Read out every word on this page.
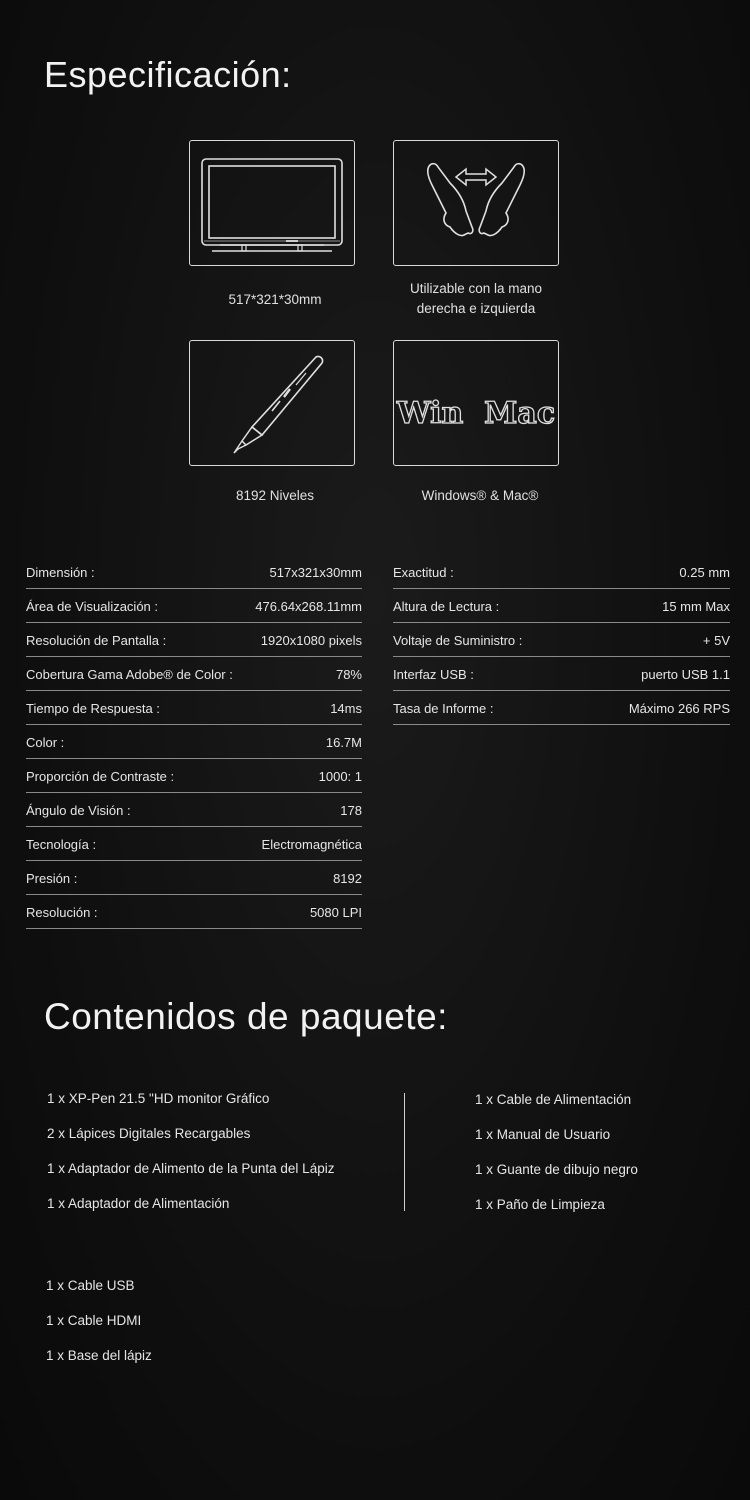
Especificación:
517*321*30mm
Utilizable con la mano
derecha e izquierda
8192 Niveles
Win  Mac
Windows® & Mac®
Dimensión :	517x321x30mm
Área de Visualización :	476.64x268.11mm
Resolución de Pantalla :	1920x1080 pixels
Cobertura Gama Adobe® de Color :	78%
Tiempo de Respuesta :	14ms
Color :	16.7M
Proporción de Contraste :	1000: 1
Ángulo de Visión :	178
Tecnología :	Electromagnética
Presión :	8192
Resolución :	5080 LPI
Exactitud :	0.25 mm
Altura de Lectura :	15 mm Max
Voltaje de Suministro :	+ 5V
Interfaz USB :	puerto USB 1.1
Tasa de Informe :	Máximo 266 RPS
Contenidos de paquete:
1 x XP-Pen 21.5 "HD monitor Gráfico
2 x Lápices Digitales Recargables
1 x Adaptador de Alimento de la Punta del Lápiz
1 x Adaptador de Alimentación
1 x Cable de Alimentación
1 x Manual de Usuario
1 x Guante de dibujo negro
1 x Paño de Limpieza
1 x Cable USB
1 x Cable HDMI
1 x Base del lápiz
